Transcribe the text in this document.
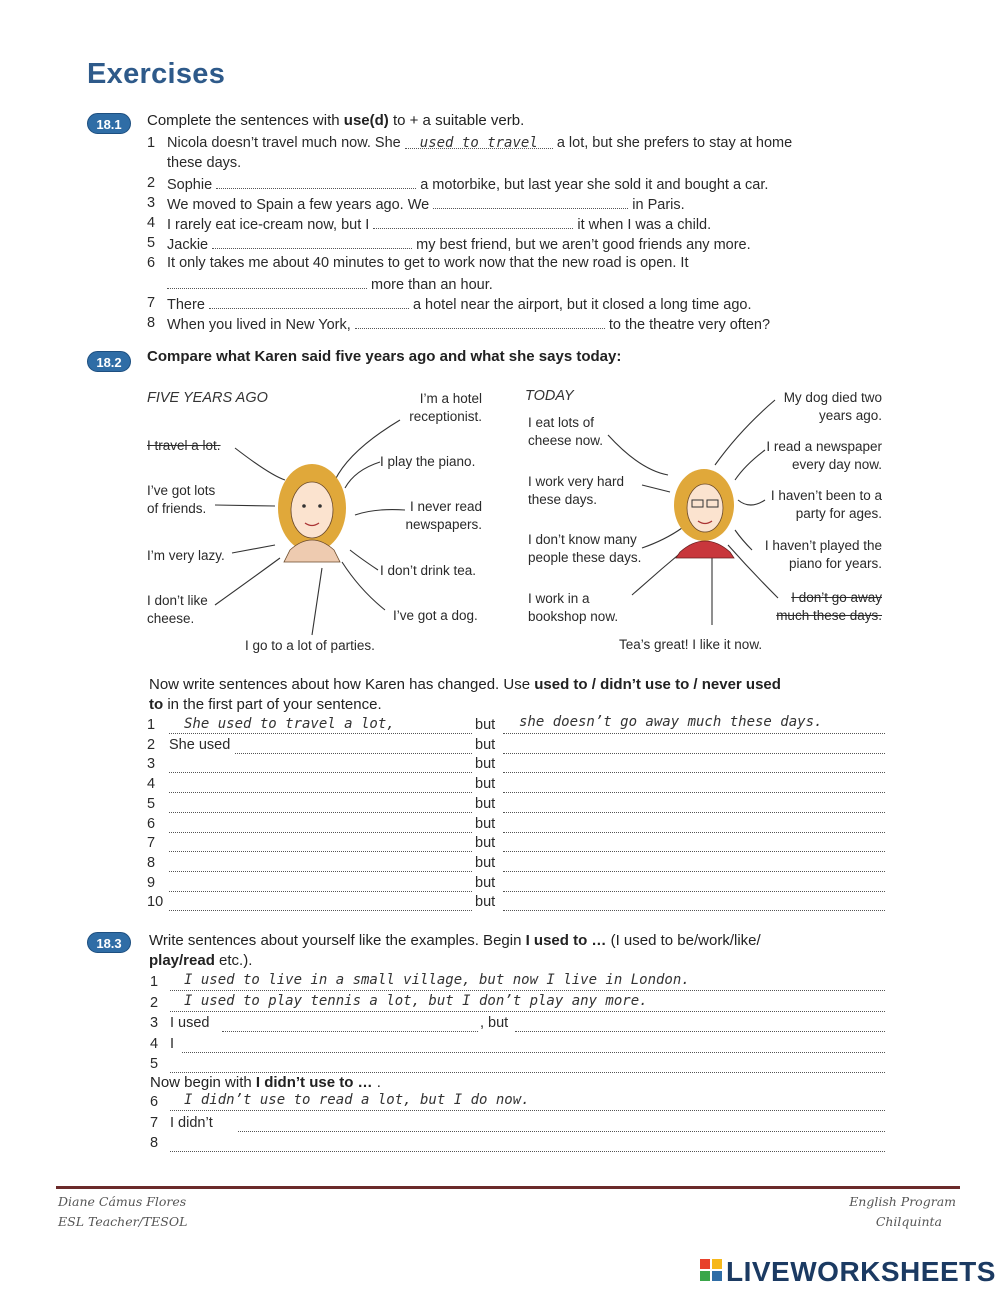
Exercises
18.1	Complete the sentences with use(d) to + a suitable verb.
1 Nicola doesn’t travel much now. She used to travel a lot, but she prefers to stay at home
these days.
2 Sophie	a motorbike, but last year she sold it and bought a car.
3 We moved to Spain a few years ago. We	in Paris.
4 I rarely eat ice-cream now, but I	it when I was a child.
5 Jackie	my best friend, but we aren’t good friends any more.
6 It only takes me about 40 minutes to get to work now that the new road is open. It
more than an hour.
7 There	a hotel near the airport, but it closed a long time ago.
8 When you lived in New York,	to the theatre very often?
18.2	Compare what Karen said five years ago and what she says today:
FIVE YEARS AGO	TODAY
I’m a hotel
receptionist.
I travel a lot.
I play the piano.
I’ve got lots
of friends.	I never read
newspapers.
I’m very lazy.
I don’t drink tea.
I don’t like
cheese.	I’ve got a dog.
I go to a lot of parties.
My dog died two
years ago.
I eat lots of
cheese now.	I read a newspaper
every day now.
I work very hard
these days.	I haven’t been to a
party for ages.
I don’t know many
people these days.
I haven’t played the
piano for years.
I work in a
bookshop now.
I don’t go away
much these days.
Tea’s great! I like it now.
Now write sentences about how Karen has changed. Use used to / didn’t use to / never used
to in the first part of your sentence.
1 She used to travel a lot,	but she doesn’t go away much these days.
2 She used	but
3	but
4	but
5	but
6	but
7	but
8	but
9	but
10	but
18.3	Write sentences about yourself like the examples. Begin I used to … (I used to be/work/like/
play/read etc.).
1 I used to live in a small village, but now I live in London.
2 I used to play tennis a lot, but I don’t play any more.
3 I used	, but
4 I
5
Now begin with I didn’t use to … .
6 I didn’t use to read a lot, but I do now.
7 I didn’t
8
Diane Cámus Flores
ESL Teacher/TESOL
English Program
Chilquinta
LIVEWORKSHEETS
